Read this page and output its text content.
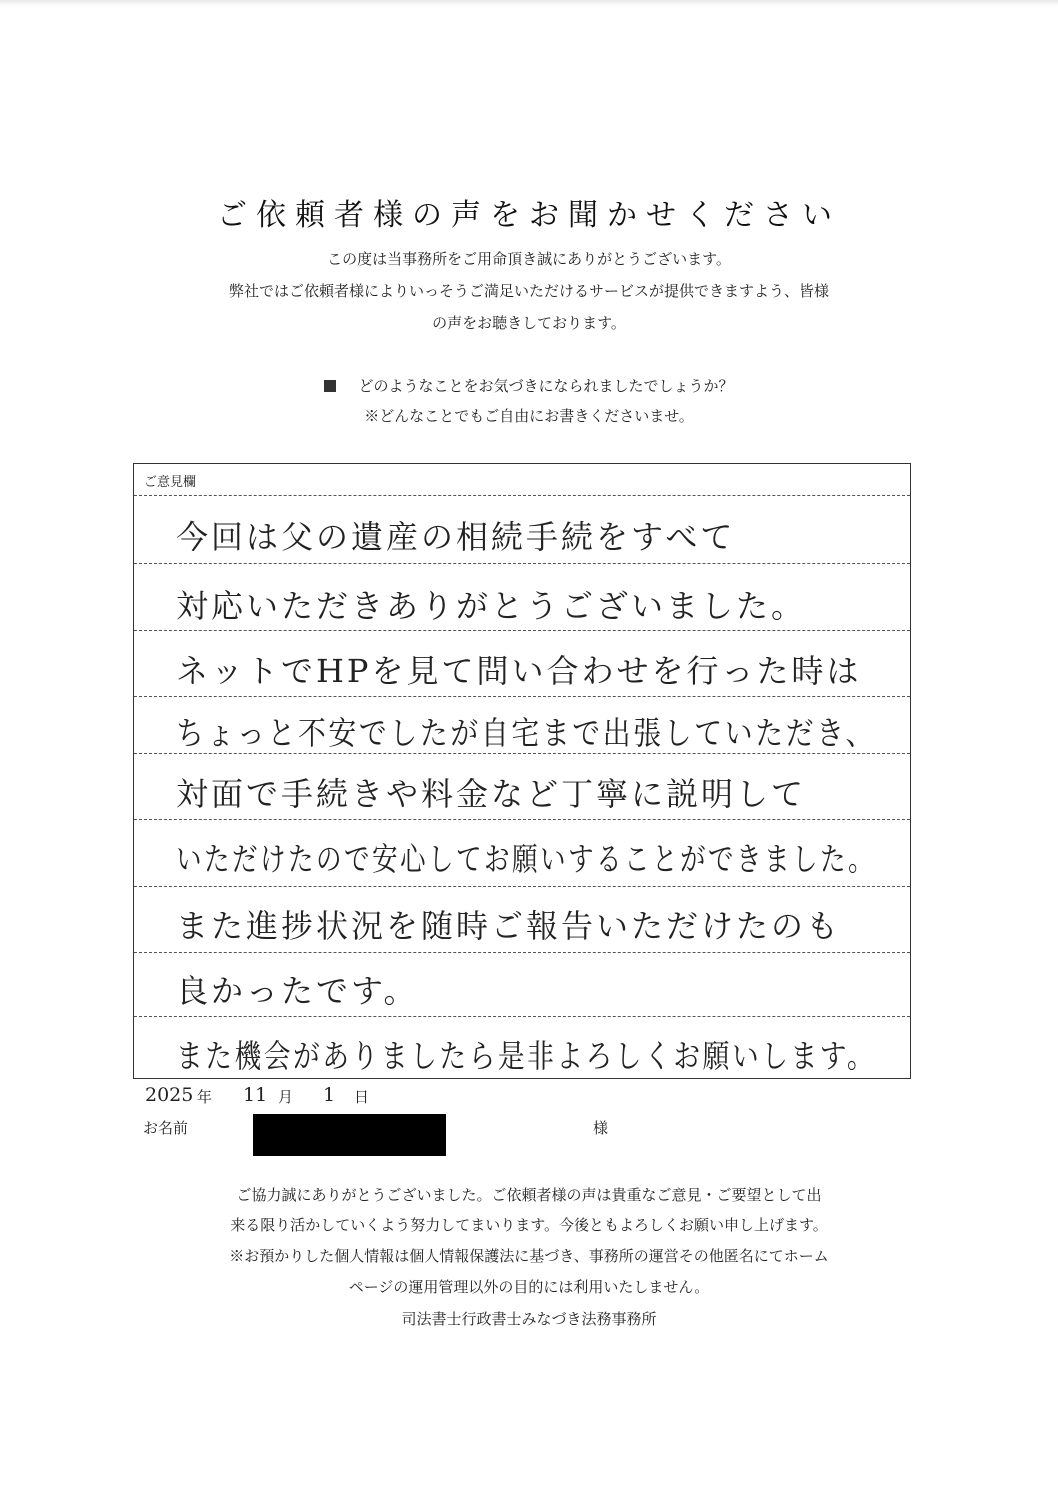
ご依頼者様の声をお聞かせください
この度は当事務所をご用命頂き誠にありがとうございます。
弊社ではご依頼者様によりいっそうご満足いただけるサービスが提供できますよう、皆様
の声をお聴きしております。
どのようなことをお気づきになられましたでしょうか？
※どんなことでもご自由にお書きくださいませ。
ご意見欄
今回は父の遺産の相続手続をすべて
対応いただきありがとうございました。
ネットでHPを見て問い合わせを行った時は
ちょっと不安でしたが自宅まで出張していただき、
対面で手続きや料金など丁寧に説明して
いただけたので安心してお願いすることができました。
また進捗状況を随時ご報告いただけたのも
良かったです。
また機会がありましたら是非よろしくお願いします。
2025 年 11 月 1 日
お名前	様
ご協力誠にありがとうございました。ご依頼者様の声は貴重なご意見・ご要望として出
来る限り活かしていくよう努力してまいります。今後ともよろしくお願い申し上げます。
※お預かりした個人情報は個人情報保護法に基づき、事務所の運営その他匿名にてホーム
ページの運用管理以外の目的には利用いたしません。
司法書士行政書士みなづき法務事務所
